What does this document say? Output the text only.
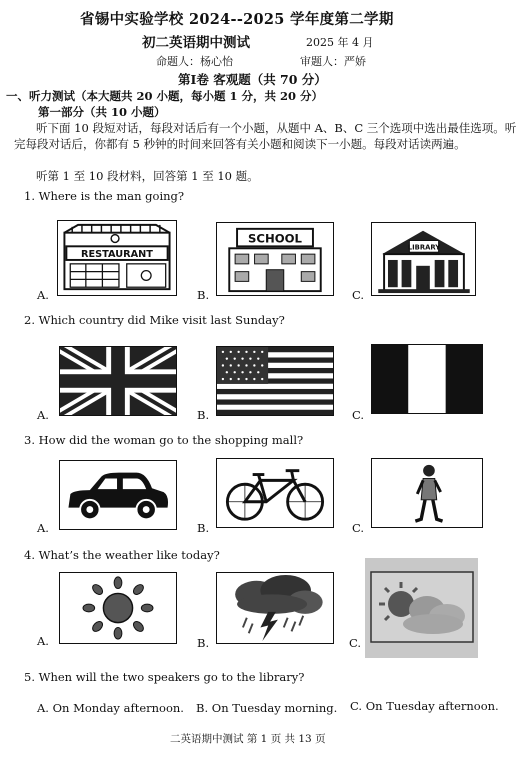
省锡中实验学校 2024--2025 学年度第二学期
初二英语期中测试	2025 年 4 月
命题人：杨心怡	审题人：严娇
第Ⅰ卷 客观题（共 70 分）
一、听力测试（本大题共 20 小题，每小题 1 分，共 20 分）
第一部分（共 10 小题）
听下面 10 段短对话，每段对话后有一个小题，从题中 A、B、C 三个选项中选出最佳选项。听完每段对话后，你都有 5 秒钟的时间来回答有关小题和阅读下一小题。每段对话读两遍。
听第 1 至 10 段材料，回答第 1 至 10 题。
1. Where is the man going?
A.	B.	C.
RESTAURANT
SCHOOL
LIBRARY
2. Which country did Mike visit last Sunday?
A.	B.	C.
3. How did the woman go to the shopping mall?
A.	B.	C.
4. What’s the weather like today?
A.	B.	C.
5. When will the two speakers go to the library?
A. On Monday afternoon. B. On Tuesday morning. C. On Tuesday afternoon.
二英语期中测试 第 1 页 共 13 页
